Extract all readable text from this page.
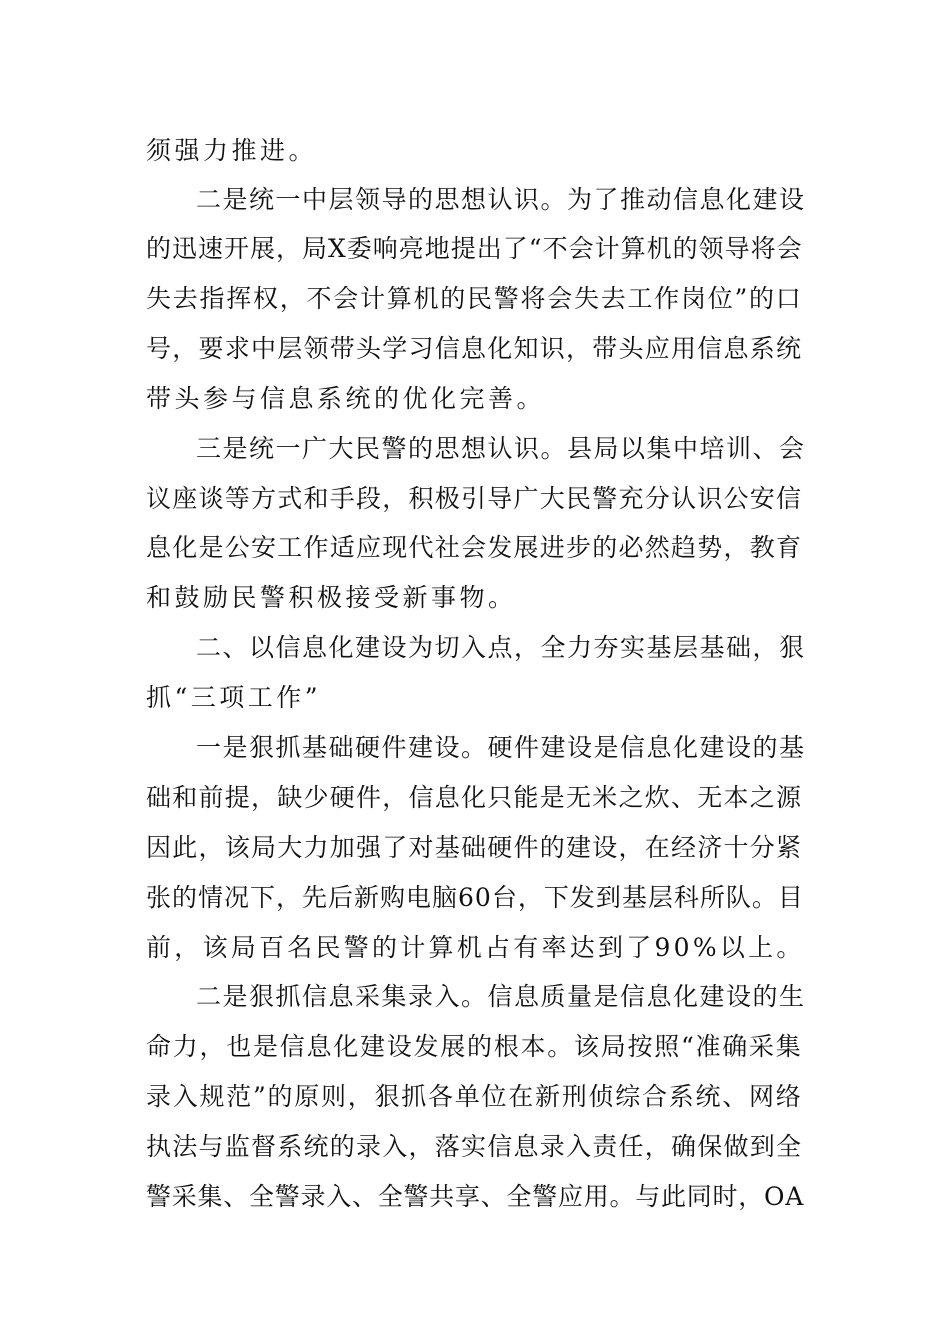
须强力推进。
二是统一中层领导的思想认识。为了推动信息化建设
的迅速开展，局X委响亮地提出了“不会计算机的领导将会
失去指挥权，不会计算机的民警将会失去工作岗位”的口
号，要求中层领带头学习信息化知识，带头应用信息系统
带头参与信息系统的优化完善。
三是统一广大民警的思想认识。县局以集中培训、会
议座谈等方式和手段，积极引导广大民警充分认识公安信
息化是公安工作适应现代社会发展进步的必然趋势，教育
和鼓励民警积极接受新事物。
二、以信息化建设为切入点，全力夯实基层基础，狠
抓“三项工作”
一是狠抓基础硬件建设。硬件建设是信息化建设的基
础和前提，缺少硬件，信息化只能是无米之炊、无本之源
因此，该局大力加强了对基础硬件的建设，在经济十分紧
张的情况下，先后新购电脑60台，下发到基层科所队。目
前，该局百名民警的计算机占有率达到了90%以上。
二是狠抓信息采集录入。信息质量是信息化建设的生
命力，也是信息化建设发展的根本。该局按照“准确采集
录入规范”的原则，狠抓各单位在新刑侦综合系统、网络
执法与监督系统的录入，落实信息录入责任，确保做到全
警采集、全警录入、全警共享、全警应用。与此同时，OA
